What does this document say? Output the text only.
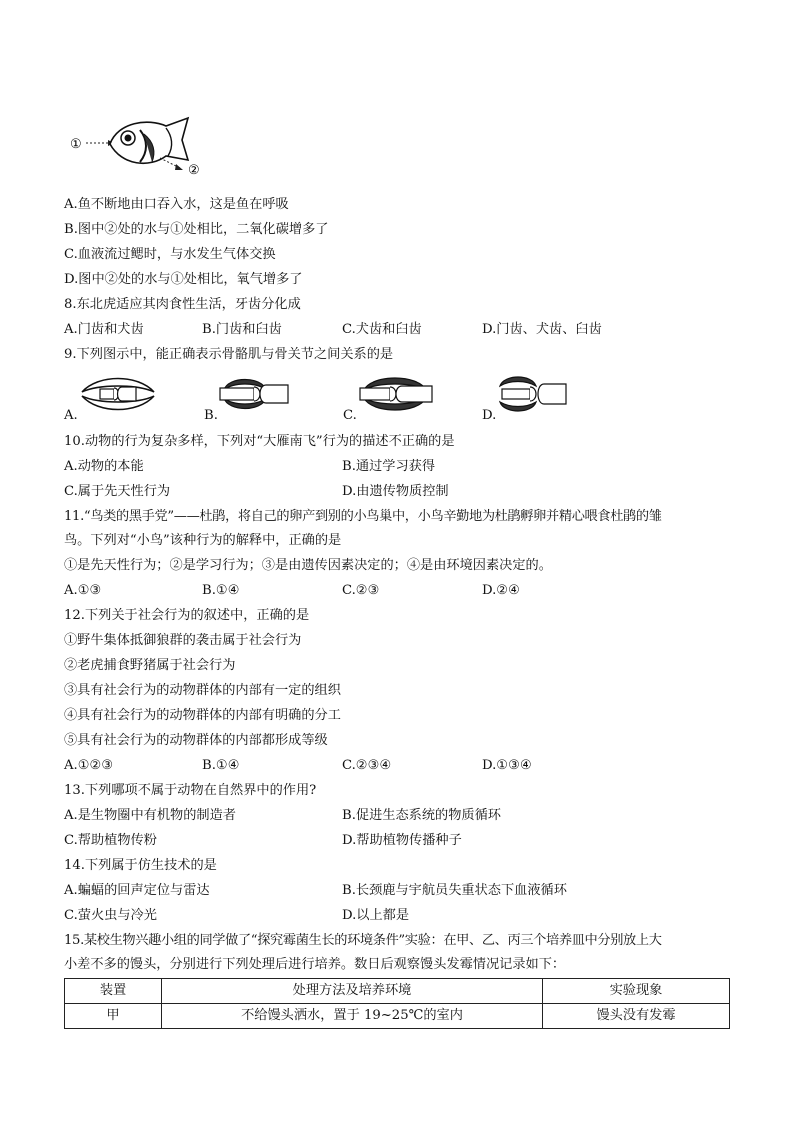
①
②
A.鱼不断地由口吞入水，这是鱼在呼吸
B.图中②处的水与①处相比，二氧化碳增多了
C.血液流过鳃时，与水发生气体交换
D.图中②处的水与①处相比，氧气增多了
8.东北虎适应其肉食性生活，牙齿分化成
A.门齿和犬齿	B.门齿和臼齿	C.犬齿和臼齿	D.门齿、犬齿、臼齿
9.下列图示中，能正确表示骨骼肌与骨关节之间关系的是
A.	B.	C.	D.
10.动物的行为复杂多样，下列对“大雁南飞”行为的描述不正确的是
A.动物的本能	B.通过学习获得
C.属于先天性行为	D.由遗传物质控制
11.“鸟类的黑手党”——杜鹃，将自己的卵产到别的小鸟巢中，小鸟辛勤地为杜鹃孵卵并精心喂食杜鹃的雏
鸟。下列对“小鸟”该种行为的解释中，正确的是
①是先天性行为；②是学习行为；③是由遗传因素决定的；④是由环境因素决定的。
A.①③	B.①④	C.②③	D.②④
12.下列关于社会行为的叙述中，正确的是
①野牛集体抵御狼群的袭击属于社会行为
②老虎捕食野猪属于社会行为
③具有社会行为的动物群体的内部有一定的组织
④具有社会行为的动物群体的内部有明确的分工
⑤具有社会行为的动物群体的内部都形成等级
A.①②③	B.①④	C.②③④	D.①③④
13.下列哪项不属于动物在自然界中的作用?
A.是生物圈中有机物的制造者	B.促进生态系统的物质循环
C.帮助植物传粉	D.帮助植物传播种子
14.下列属于仿生技术的是
A.蝙蝠的回声定位与雷达	B.长颈鹿与宇航员失重状态下血液循环
C.萤火虫与冷光	D.以上都是
15.某校生物兴趣小组的同学做了“探究霉菌生长的环境条件”实验：在甲、乙、丙三个培养皿中分别放上大
小差不多的馒头，分别进行下列处理后进行培养。数日后观察馒头发霉情况记录如下：
装置	处理方法及培养环境	实验现象
甲	不给馒头洒水，置于 19~25℃的室内	馒头没有发霉
